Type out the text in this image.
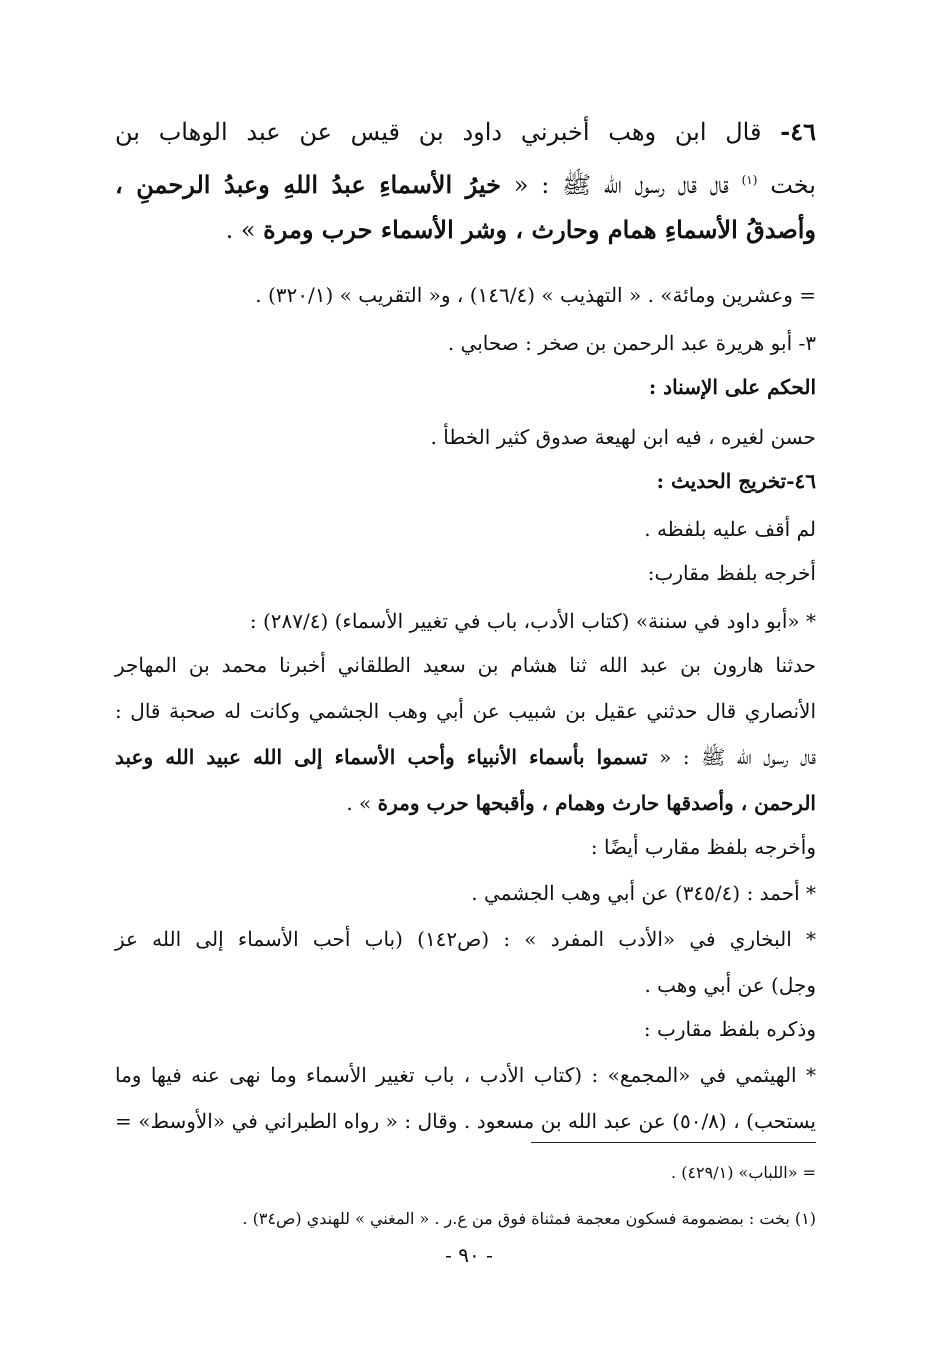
٤٦- قال ابن وهب أخبرني داود بن قيس عن عبد الوهاب بن

بخت $^{(١)}$ قال قال رسول الله ﷺ : « خيرُ الأسماءِ عبدُ اللهِ وعبدُ الرحمنِ ،

وأصدقُ الأسماءِ همام وحارث ، وشر الأسماء حرب ومرة » .

= وعشرين ومائة» . « التهذيب » (١٤٦/٤) ، و« التقريب » (٣٢٠/١) .

٣- أبو هريرة عبد الرحمن بن صخر : صحابي .

الحكم على الإسناد :

حسن لغيره ، فيه ابن لهيعة صدوق كثير الخطأ .

٤٦-تخريج الحديث :

لم أقف عليه بلفظه .

أخرجه بلفظ مقارب:

* «أبو داود في سننة» (كتاب الأدب، باب في تغيير الأسماء) (٢٨٧/٤) :

حدثنا هارون بن عبد الله ثنا هشام بن سعيد الطلقاني أخبرنا محمد بن المهاجر

الأنصاري قال حدثني عقيل بن شبيب عن أبي وهب الجشمي وكانت له صحبة قال :

قال رسول الله ﷺ : « تسموا بأسماء الأنبياء وأحب الأسماء إلى الله عبيد الله وعبد

الرحمن ، وأصدقها حارث وهمام ، وأقبحها حرب ومرة » .

وأخرجه بلفظ مقارب أيضًا :

* أحمد : (٣٤٥/٤) عن أبي وهب الجشمي .

* البخاري في «الأدب المفرد » : (ص١٤٢) (باب أحب الأسماء إلى الله عز

وجل) عن أبي وهب .

وذكره بلفظ مقارب :

* الهيثمي في «المجمع» : (كتاب الأدب ، باب تغيير الأسماء وما نهى عنه فيها وما

يستحب) ، (٥٠/٨) عن عبد الله بن مسعود . وقال : « رواه الطبراني في «الأوسط» =

= «اللباب» (٤٢٩/١) .

(١) بخت : بمضمومة فسكون معجمة فمثناة فوق من ع.ر . « المغني » للهندي (ص٣٤) .

- ٩٠ -
